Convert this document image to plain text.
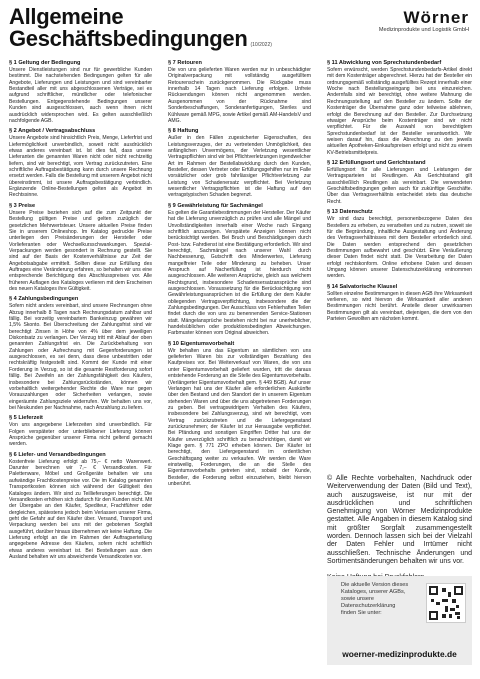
Allgemeine
Geschäftsbedingungen (10/2022)
Wörner
Medizinprodukte und Logistik GmbH
§ 1 Geltung der Bedingung

Unsere Dienstleistungen sind nur für gewerbliche Kunden bestimmt. Die nachstehenden Bedingungen gelten für alle Angebote, Lieferungen und Leistungen und sind vereinbarter Bestandteil aller mit uns abgeschlossenen Verträge, sei es aufgrund schriftlicher, mündlicher oder telefonischer Bestellungen. Entgegenstehende Bedingungen unserer Kunden sind ausgeschlossen, auch wenn ihnen nicht ausdrücklich widersprochen wird. Es gelten ausschließlich nachfolgende AGB.

§ 2 Angebot / Vertragsabschluss

Unsere Angebote sind hinsichtlich Preis, Menge, Lieferfrist und Liefermöglichkeit unverbindlich, soweit nicht ausdrücklich etwas anderes vereinbart ist. Ist dies fall, dass unsere Lieferanten die genannten Waren nicht oder nicht rechtzeitig liefern, sind wir berechtigt, vom Vertrag zurückzutreten. Eine schriftliche Auftragsbestätigung kann durch unsere Rechnung ersetzt werden. Falls die Bestellung mit unserem Angebot nicht übereinstimmt, ist unsere Auftragsbestätigung verbindlich. Ergänzende Online-Bestellungen gelten als Angebot im Rechtssinne.

§ 3 Preise

Unsere Preise beziehen sich auf die zum Zeitpunkt der Bestellung gültigen Preise und gelten zuzüglich der gesetzlichen Mehrwertsteuer. Unsere aktuellen Preise finden Sie in unserem Onlineshop. Im Katalog gedruckte Preise unterliegen den Preisänderungen der Hersteller oder Vorlieferanten oder Wechselkursschwankungen. Spezial-Verpackungen werden gesondert in Rechnung gestellt. Sie sind auf der Basis der Kostenverhältnisse zur Zeit der Angebotsabgabe ermittelt. Sollten diese zur Erfüllung des Auftrages eine Veränderung erfahren, so behalten wir uns eine entsprechende Berichtigung des Abschlusspreises vor. Alle früheren Auflagen des Kataloges verlieren mit dem Erscheinen des neuen Kataloges ihre Gültigkeit.

§ 4 Zahlungsbedingungen

Sofern nicht anders vereinbart, sind unsere Rechnungen ohne Abzug innerhalb 8 Tagen nach Rechnungsdatum zahlbar und fällig. Bei vorzeitig vereinbartem Bankeinzug gewähren wir 1,5% Skonto. Bei Überschreitung der Zahlungsfrist sind wir berechtigt Zinsen in Höhe von 4% über dem jeweiligen Diskontsatz zu verlangen. Der Verzug tritt mit Ablauf der oben genannten Zahlungsfrist ein. Die Zurückbehaltung von Zahlungen oder Aufrechnung mit Gegenforderungen ist ausgeschlossen, es sei denn, dass diese unbestritten oder rechtskräftig festgestellt sind. Kommt der Kunde mit einer Forderung in Verzug, so ist die gesamte Restforderung sofort fällig. Bei Zweifeln an der Zahlungsfähigkeit des Käufers, insbesondere bei Zahlungsrückständen, können wir vorbehaltlich weitergehender Rechte die Ware nur gegen Vorauszahlungen oder Sicherheiten verlangen, sowie eingeräumte Zahlungsziele widerrufen. Wir behalten uns vor, bei Neukunden per Nachnahme, nach Anzahlung zu liefern.

§ 5 Lieferzeit

Von uns angegebene Lieferzeiten sind unverbindlich. Für Folgen verspäteter oder unterbliebener Lieferung können Ansprüche gegenüber unserer Firma nicht geltend gemacht werden.

§ 6 Liefer- und Versandbedingungen

Kostenfreie Lieferung erfolgt ab 75,– € netto Warenwert. Darunter berechnen wir 7,– € Versandkosten. Für Palettenware, Möbel und Großgeräte behalten wir uns aufwändige Frachtkostenpreise vor. Die im Katalog genannten Transportkosten können sich während der Gültigkeit des Kataloges ändern. Wir sind zu Teillieferungen berechtigt. Die Versandkosten erhöhen sich dadurch für den Kunden nicht. Mit der Übergabe an den Käufer, Spediteur, Frachtführer oder dergleichen, spätestens jedoch beim Verlassen unserer Firma, geht die Gefahr auf den Käufer über. Versand, Transport und Verpackung werden bei uns mit der gebotenen Sorgfalt ausgeführt, darüber hinaus übernehmen wir keine Haftung. Die Lieferung erfolgt an die im Rahmen der Auftragserteilung angegebene Adresse des Käufers, sofern nicht schriftlich etwas anderes vereinbart ist. Bei Bestellungen aus dem Ausland behalten wir uns abweichende Versandkosten vor.

§ 7 Retouren

Die von uns gelieferten Waren werden nur in unbeschädigter Originalverpackung mit vollständig ausgefülltem Retourenschein zurückgenommen. Die Rückgabe muss innerhalb 14 Tagen nach Lieferung erfolgen. Unfreie Rücksendungen können nicht angenommen werden. Ausgenommen von der Rücknahme sind Sonderbeschaffungen, Sonderanfertigungen, Steriles und Kühlware gemäß MPG, sowie Artikel gemäß AM-HandelsV und AMG.

§ 8 Haftung

Außer in den Fällen zugesicherter Eigenschaften, des Leistungsverzuges, der zu vertretenden Unmöglichkeit, des anfänglichen Unvermögens, der Verletzung wesentlicher Vertragspflichten sind wir bei Pflichtverletzungen irgendwelcher Art im Rahmen der Bestellabwicklung durch den Kunden, Besteller, dessen Vertreter oder Erfüllungsgehilfen nur im Falle vorsätzlicher oder grob fahrlässiger Pflichtverletzung zur Leistung von Schadenersatz verpflichtet. Bei Verletzung wesentlicher Vertragspflichten ist die Haftung auf den vertragstypischen Schaden begrenzt.

§ 9 Gewährleistung für Sachmängel

Es gelten die Garantiebestimmungen der Hersteller. Der Käufer hat die Lieferung unverzüglich zu prüfen und alle Mängel und Unvollständigkeiten innerhalb einer Woche nach Eingang schriftlich anzuzeigen. Verspätete Anzeigen können nicht berücksichtigt werden. Bei Bruch und Beschädigungen durch Post- bzw. Fahrdienst ist eine Bestätigung erforderlich. Wir sind berechtigt, Sachmängel nach unserer Wahl durch Nachbesserung, Gutschrift des Minderwertes, Lieferung mangelfreier Teile oder Minderung zu beheben. Unser Anspruch auf Nacherfüllung ist hierdurch nicht ausgeschlossen. Alle weiteren Ansprüche, gleich aus welchem Rechtsgrund, insbesondere Schadensersatzansprüche sind ausgeschlossen. Voraussetzung für die Berücksichtigung von Gewährleistungsansprüchen ist die Erfüllung der dem Käufer obliegenden Vertragsverpflichtung, insbesondere die der Zahlungsbedingungen. Der Ausschluss von Fehlerhaften Teilen findet durch die von uns zu benennenden Service-Stationen statt. Mängelansprüche bestehen nicht bei nur unerheblicher, handelsüblichen oder produktionsbedingten Abweichungen. Farbmuster können vom Original abweichen.

§ 10 Eigentumsvorbehalt

Wir behalten uns das Eigentum an sämtlichen von uns gelieferten Waren bis zur vollständigen Bezahlung des Kaufpreises vor. Bei Weiterverkauf von Waren, die von uns unter Eigentumsvorbehalt geliefert wurden, tritt die daraus entstehende Forderung an die Stelle des Eigentumsvorbehalts. (Verlängerter Eigentumsvorbehalt gem. § 449 BGB). Auf unser Verlangen hat uns der Käufer alle erforderlichen Auskünfte über den Bestand und den Standort der in unserem Eigentum stehenden Waren und über die uns abgetretenen Forderungen zu geben. Bei vertragswidrigem Verhalten des Käufers, insbesondere bei Zahlungsverzug, sind wir berechtigt, vom Vertrag zurückzutreten und die Liefergegenstand zurückzunehmen; der Käufer ist zur Herausgabe verpflichtet. Bei Pfändung und sonstigen Eingriffen Dritter hat uns der Käufer unverzüglich schriftlich zu benachrichtigen, damit wir Klage gem. § 771 ZPO erheben können. Der Käufer ist berechtigt, den Liefergegenstand im ordentlichen Geschäftsgang weiter zu verkaufen. Wir werden die Ware einstweilig, Forderungen, die an die Stelle des Eigentumsvorbehalts getreten sind, sobald der Kunde, Besteller, die Forderung selbst einzuziehen, bleibt hiervon unberührt.

§ 11 Abwicklung von Sprechstundenbedarf

Sofern erwünscht, werden Sprechstundenbedarfs-Artikel direkt mit dem Kostenträger abgerechnet. Hierzu hat der Besteller ein ordnungsgemäß vollständig ausgefülltes Rezept innerhalb einer Woche nach Bestellungseingang bei uns einzureichen. Andernfalls sind wir berechtigt, ohne weitere Mahnung die Rechnungsstellung auf den Besteller zu ändern. Sollte der Kostenträger die Übernahme ganz oder teilweise ablehnen, erfolgt die Berechnung auf den Besteller. Zur Durchsetzung etwaiger Ansprüche beim Kostenträger sind wir nicht verpflichtet. Für die Auswahl von berechtigtem Sprechstundenbedarf ist der Besteller verantwortlich. Wir weisen darauf hin, dass die Abrechnung zu den jeweils aktuellen Apotheken-Einkaufspreisen erfolgt und nicht zu einem KV-Betriebsmittelpreis.

§ 12 Erfüllungsort und Gerichtsstand

Erfüllungsort für alle Lieferungen und Leistungen der Vertragsparteien ist Reutlingen. Als Gerichtsstand gilt ausschließlich Reutlingen als vereinbart. Die verwendeten Geschäftsbedingungen gelten auch für zukünftige Geschäfte. Über das Vertragsverhältnis entscheidet stets das deutsche Recht.

§ 13 Datenschutz

Wir sind dazu berechtigt, personenbezogene Daten des Bestellers zu erheben, zu verarbeiten und zu nutzen, soweit sie für die Begründung, inhaltliche Ausgestaltung und Änderung des Vertragsverhältnisses mit dem Besteller erforderlich sind. Die Daten werden entsprechend den gesetzlichen Bestimmungen aufbewahrt und geschützt. Eine Veräußerung dieser Daten findet nicht statt. Die Verarbeitung der Daten erfolgt rechtskonform. Online erhobene Daten und dessen Umgang können unserer Datenschutzerklärung entnommen werden.

§ 14 Salvatorische Klausel

Sollten einzelne Bestimmungen in diesen AGB ihre Wirksamkeit verlieren, so wird hiervon die Wirksamkeit aller anderen Bestimmungen nicht berührt. Anstelle dieser unwirksamen Bestimmungen gilt als vereinbart, diejenigen, die dem von den Parteien Gewollten am nächsten kommt.

© Alle Rechte vorbehalten, Nachdruck oder Weiterverwendung der Daten (Bild und Text), auch auszugsweise, ist nur mit der ausdrücklichen und schriftlichen Genehmigung von Wörner Medizinprodukte gestattet. Alle Angaben in diesem Katalog sind mit größter Sorgfalt zusammengestellt worden. Dennoch lassen sich bei der Vielzahl der Daten Fehler und Irrtümer nicht ausschließen. Technische Änderungen und Sortimentsänderungen behalten wir uns vor.

Die aktuelle Version dieses Kataloges, unserer AGBs, sowie unsere Datenschutzerklärung finden Sie unter:
woerner-medizinprodukte.de
